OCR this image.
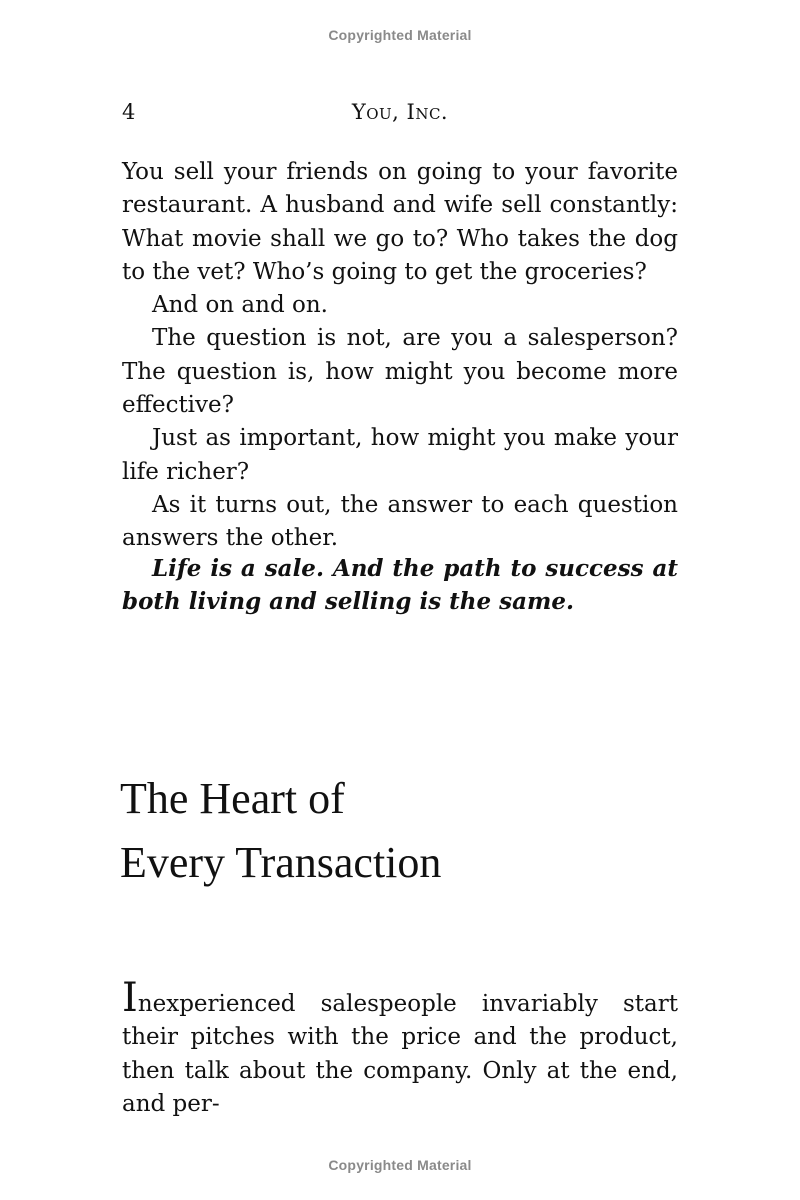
Copyrighted Material
4	You, Inc.

You sell your friends on going to your favorite restaurant. A husband and wife sell constantly: What movie shall we go to? Who takes the dog to the vet? Who’s going to get the groceries?

And on and on.

The question is not, are you a salesperson? The question is, how might you become more effective?

Just as important, how might you make your life richer?

As it turns out, the answer to each question answers the other.

Life is a sale. And the path to success at both living and selling is the same.

The Heart of
Every Transaction

Inexperienced salespeople invariably start their pitches with the price and the product, then talk about the company. Only at the end, and per-

Copyrighted Material
